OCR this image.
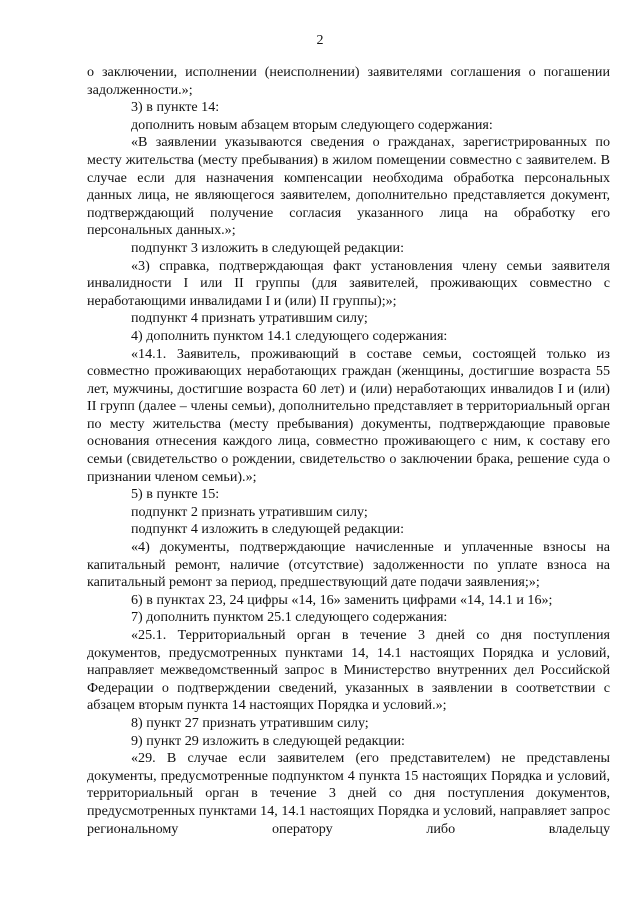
2

о заключении, исполнении (неисполнении) заявителями соглашения о погашении задолженности.»;

3) в пункте 14:

дополнить новым абзацем вторым следующего содержания:

«В заявлении указываются сведения о гражданах, зарегистрированных по месту жительства (месту пребывания) в жилом помещении совместно с заявителем. В случае если для назначения компенсации необходима обработка персональных данных лица, не являющегося заявителем, дополнительно представляется документ, подтверждающий получение согласия указанного лица на обработку его персональных данных.»;

подпункт 3 изложить в следующей редакции:

«3) справка, подтверждающая факт установления члену семьи заявителя инвалидности I или II группы (для заявителей, проживающих совместно с неработающими инвалидами I и (или) II группы);»;

подпункт 4 признать утратившим силу;

4) дополнить пунктом 14.1 следующего содержания:

«14.1. Заявитель, проживающий в составе семьи, состоящей только из совместно проживающих неработающих граждан (женщины, достигшие возраста 55 лет, мужчины, достигшие возраста 60 лет) и (или) неработающих инвалидов I и (или) II групп (далее – члены семьи), дополнительно представляет в территориальный орган по месту жительства (месту пребывания) документы, подтверждающие правовые основания отнесения каждого лица, совместно проживающего с ним, к составу его семьи (свидетельство о рождении, свидетельство о заключении брака, решение суда о признании членом семьи).»;

5) в пункте 15:

подпункт 2 признать утратившим силу;

подпункт 4 изложить в следующей редакции:

«4) документы, подтверждающие начисленные и уплаченные взносы на капитальный ремонт, наличие (отсутствие) задолженности по уплате взноса на капитальный ремонт за период, предшествующий дате подачи заявления;»;

6) в пунктах 23, 24 цифры «14, 16» заменить цифрами «14, 14.1 и 16»;

7) дополнить пунктом 25.1 следующего содержания:

«25.1. Территориальный орган в течение 3 дней со дня поступления документов, предусмотренных пунктами 14, 14.1 настоящих Порядка и условий, направляет межведомственный запрос в Министерство внутренних дел Российской Федерации о подтверждении сведений, указанных в заявлении в соответствии с абзацем вторым пункта 14 настоящих Порядка и условий.»;

8) пункт 27 признать утратившим силу;

9) пункт 29 изложить в следующей редакции:

«29. В случае если заявителем (его представителем) не представлены документы, предусмотренные подпунктом 4 пункта 15 настоящих Порядка и условий, территориальный орган в течение 3 дней со дня поступления документов, предусмотренных пунктами 14, 14.1 настоящих Порядка и условий, направляет запрос региональному оператору либо владельцу
